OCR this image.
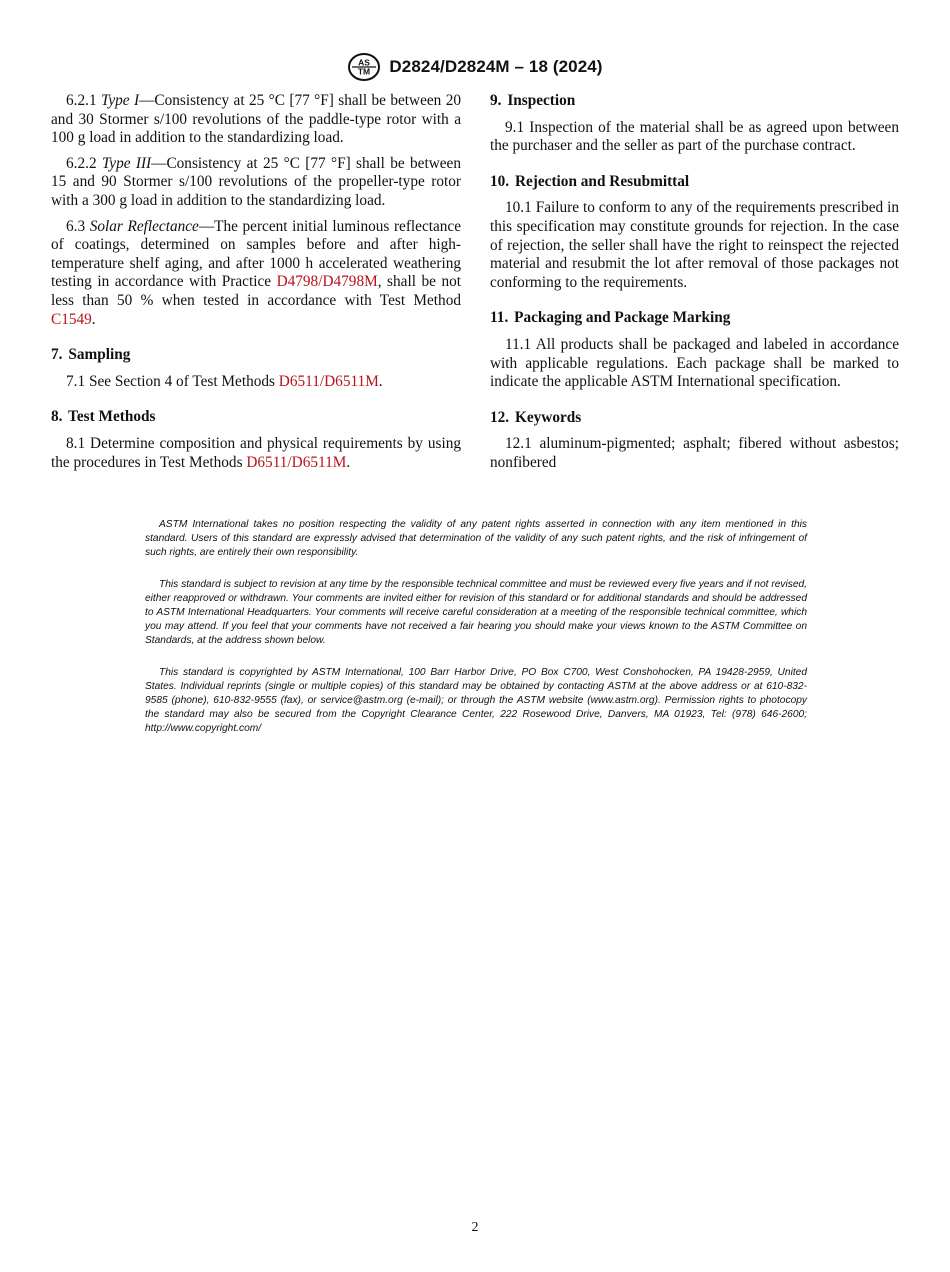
AS
TM D2824/D2824M – 18 (2024)

6.2.1 Type I—Consistency at 25 °C [77 °F] shall be between 20 and 30 Stormer s/100 revolutions of the paddle-type rotor with a 100 g load in addition to the standardizing load.

6.2.2 Type III—Consistency at 25 °C [77 °F] shall be between 15 and 90 Stormer s/100 revolutions of the propeller-type rotor with a 300 g load in addition to the standardizing load.

6.3 Solar Reflectance—The percent initial luminous reflectance of coatings, determined on samples before and after high-temperature shelf aging, and after 1000 h accelerated weathering testing in accordance with Practice D4798/D4798M, shall be not less than 50 % when tested in accordance with Test Method C1549.

7. Sampling

7.1 See Section 4 of Test Methods D6511/D6511M.

8. Test Methods

8.1 Determine composition and physical requirements by using the procedures in Test Methods D6511/D6511M.

9. Inspection

9.1 Inspection of the material shall be as agreed upon between the purchaser and the seller as part of the purchase contract.

10. Rejection and Resubmittal

10.1 Failure to conform to any of the requirements prescribed in this specification may constitute grounds for rejection. In the case of rejection, the seller shall have the right to reinspect the rejected material and resubmit the lot after removal of those packages not conforming to the requirements.

11. Packaging and Package Marking

11.1 All products shall be packaged and labeled in accordance with applicable regulations. Each package shall be marked to indicate the applicable ASTM International specification.

12. Keywords

12.1 aluminum-pigmented; asphalt; fibered without asbestos; nonfibered

ASTM International takes no position respecting the validity of any patent rights asserted in connection with any item mentioned in this standard. Users of this standard are expressly advised that determination of the validity of any such patent rights, and the risk of infringement of such rights, are entirely their own responsibility.

This standard is subject to revision at any time by the responsible technical committee and must be reviewed every five years and if not revised, either reapproved or withdrawn. Your comments are invited either for revision of this standard or for additional standards and should be addressed to ASTM International Headquarters. Your comments will receive careful consideration at a meeting of the responsible technical committee, which you may attend. If you feel that your comments have not received a fair hearing you should make your views known to the ASTM Committee on Standards, at the address shown below.

This standard is copyrighted by ASTM International, 100 Barr Harbor Drive, PO Box C700, West Conshohocken, PA 19428-2959, United States. Individual reprints (single or multiple copies) of this standard may be obtained by contacting ASTM at the above address or at 610-832-9585 (phone), 610-832-9555 (fax), or service@astm.org (e-mail); or through the ASTM website (www.astm.org). Permission rights to photocopy the standard may also be secured from the Copyright Clearance Center, 222 Rosewood Drive, Danvers, MA 01923, Tel: (978) 646-2600; http://www.copyright.com/

2
